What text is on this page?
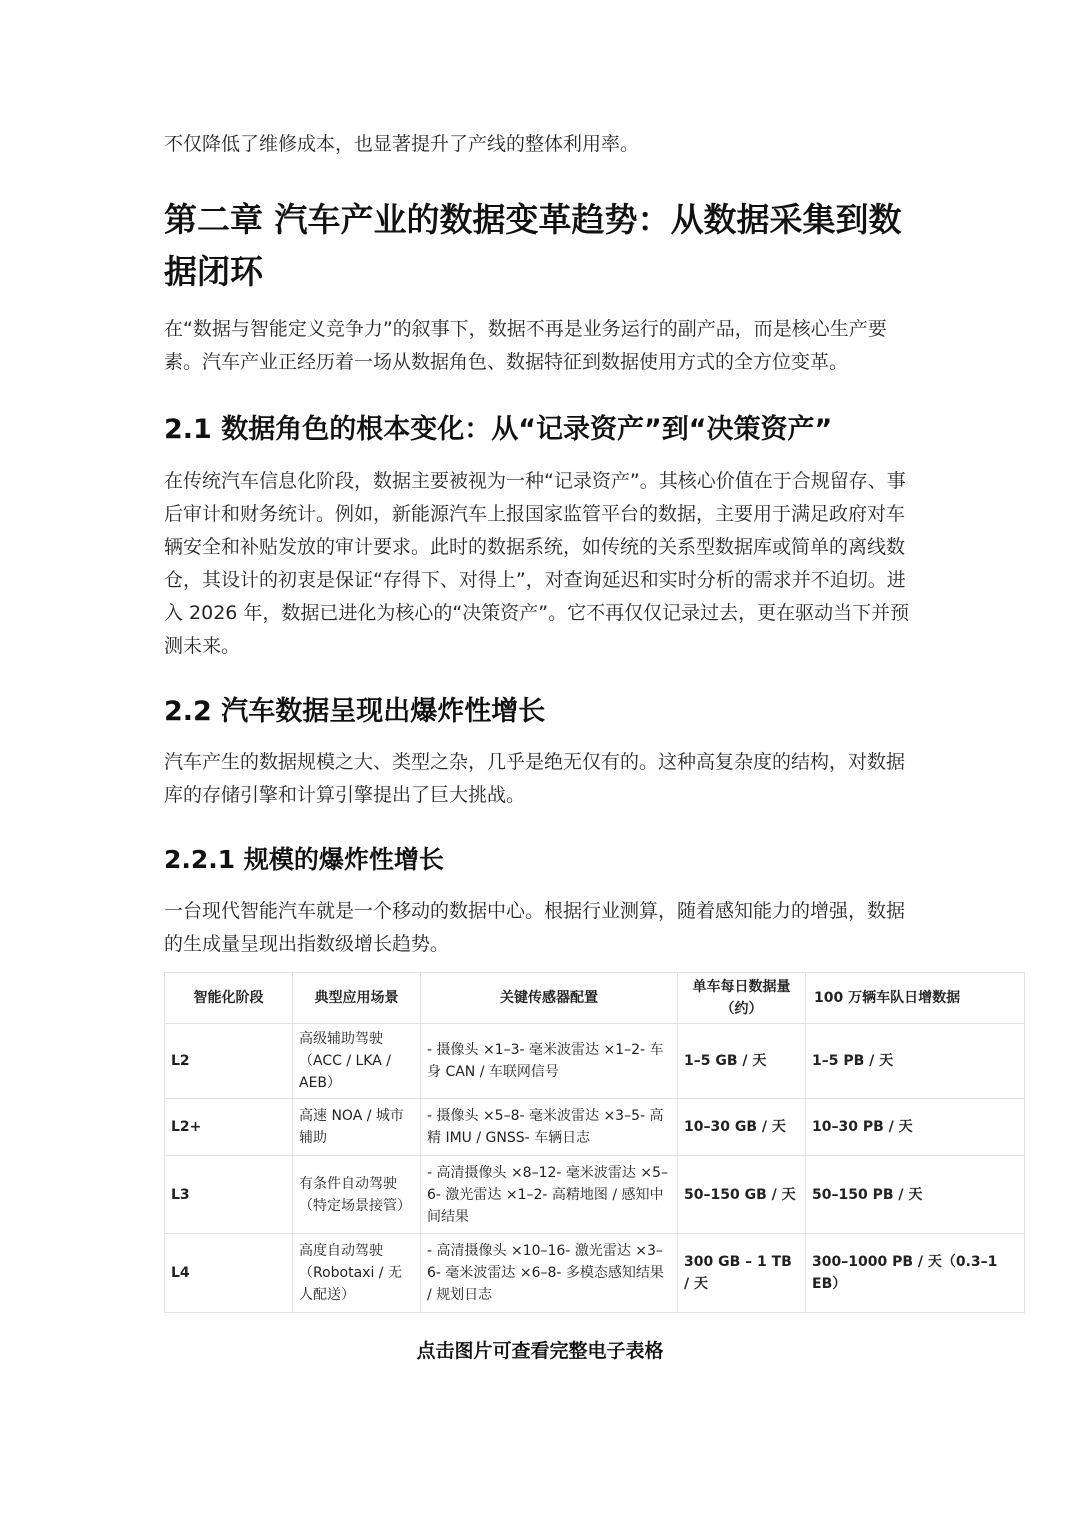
不仅降低了维修成本，也显著提升了产线的整体利用率。

第二章 汽车产业的数据变革趋势：从数据采集到数据闭环

在“数据与智能定义竞争力”的叙事下，数据不再是业务运行的副产品，而是核心生产要素。汽车产业正经历着一场从数据角色、数据特征到数据使用方式的全方位变革。

2.1 数据角色的根本变化：从“记录资产”到“决策资产”

在传统汽车信息化阶段，数据主要被视为一种“记录资产”。其核心价值在于合规留存、事后审计和财务统计。例如，新能源汽车上报国家监管平台的数据，主要用于满足政府对车辆安全和补贴发放的审计要求。此时的数据系统，如传统的关系型数据库或简单的离线数仓，其设计的初衷是保证“存得下、对得上”，对查询延迟和实时分析的需求并不迫切。进入 2026 年，数据已进化为核心的“决策资产”。它不再仅仅记录过去，更在驱动当下并预测未来。

2.2 汽车数据呈现出爆炸性增长

汽车产生的数据规模之大、类型之杂，几乎是绝无仅有的。这种高复杂度的结构，对数据库的存储引擎和计算引擎提出了巨大挑战。

2.2.1 规模的爆炸性增长

一台现代智能汽车就是一个移动的数据中心。根据行业测算，随着感知能力的增强，数据的生成量呈现出指数级增长趋势。

智能化阶段	典型应用场景	关键传感器配置	单车每日数据量（约）	100 万辆车队日增数据
L2	高级辅助驾驶（ACC / LKA / AEB）	- 摄像头 ×1–3- 毫米波雷达 ×1–2- 车身 CAN / 车联网信号	1–5 GB / 天	1–5 PB / 天
L2+	高速 NOA / 城市辅助	- 摄像头 ×5–8- 毫米波雷达 ×3–5- 高精 IMU / GNSS- 车辆日志	10–30 GB / 天	10–30 PB / 天
L3	有条件自动驾驶（特定场景接管）	- 高清摄像头 ×8–12- 毫米波雷达 ×5–6- 激光雷达 ×1–2- 高精地图 / 感知中间结果	50–150 GB / 天	50–150 PB / 天
L4	高度自动驾驶（Robotaxi / 无人配送）	- 高清摄像头 ×10–16- 激光雷达 ×3–6- 毫米波雷达 ×6–8- 多模态感知结果 / 规划日志	300 GB – 1 TB / 天	300–1000 PB / 天（0.3–1 EB）

点击图片可查看完整电子表格
